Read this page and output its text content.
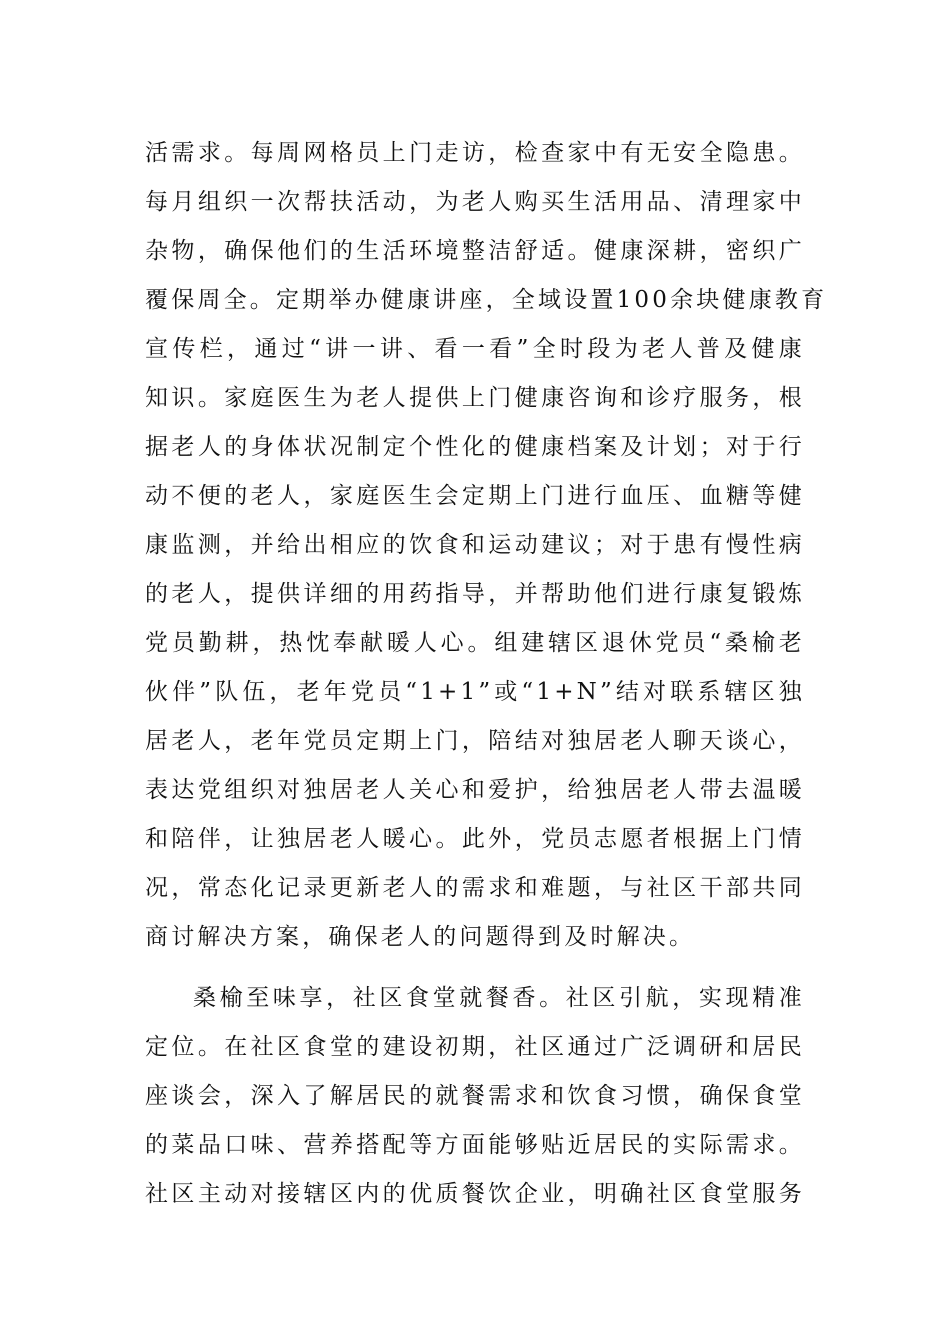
活需求。每周网格员上门走访，检查家中有无安全隐患。
每月组织一次帮扶活动，为老人购买生活用品、清理家中
杂物，确保他们的生活环境整洁舒适。健康深耕，密织广
覆保周全。定期举办健康讲座，全域设置100余块健康教育
宣传栏，通过“讲一讲、看一看”全时段为老人普及健康
知识。家庭医生为老人提供上门健康咨询和诊疗服务，根
据老人的身体状况制定个性化的健康档案及计划；对于行
动不便的老人，家庭医生会定期上门进行血压、血糖等健
康监测，并给出相应的饮食和运动建议；对于患有慢性病
的老人，提供详细的用药指导，并帮助他们进行康复锻炼
党员勤耕，热忱奉献暖人心。组建辖区退休党员“桑榆老
伙伴”队伍，老年党员“1+1”或“1+N”结对联系辖区独
居老人，老年党员定期上门，陪结对独居老人聊天谈心，
表达党组织对独居老人关心和爱护，给独居老人带去温暖
和陪伴，让独居老人暖心。此外，党员志愿者根据上门情
况，常态化记录更新老人的需求和难题，与社区干部共同
商讨解决方案，确保老人的问题得到及时解决。
桑榆至味享，社区食堂就餐香。社区引航，实现精准
定位。在社区食堂的建设初期，社区通过广泛调研和居民
座谈会，深入了解居民的就餐需求和饮食习惯，确保食堂
的菜品口味、营养搭配等方面能够贴近居民的实际需求。
社区主动对接辖区内的优质餐饮企业，明确社区食堂服务
